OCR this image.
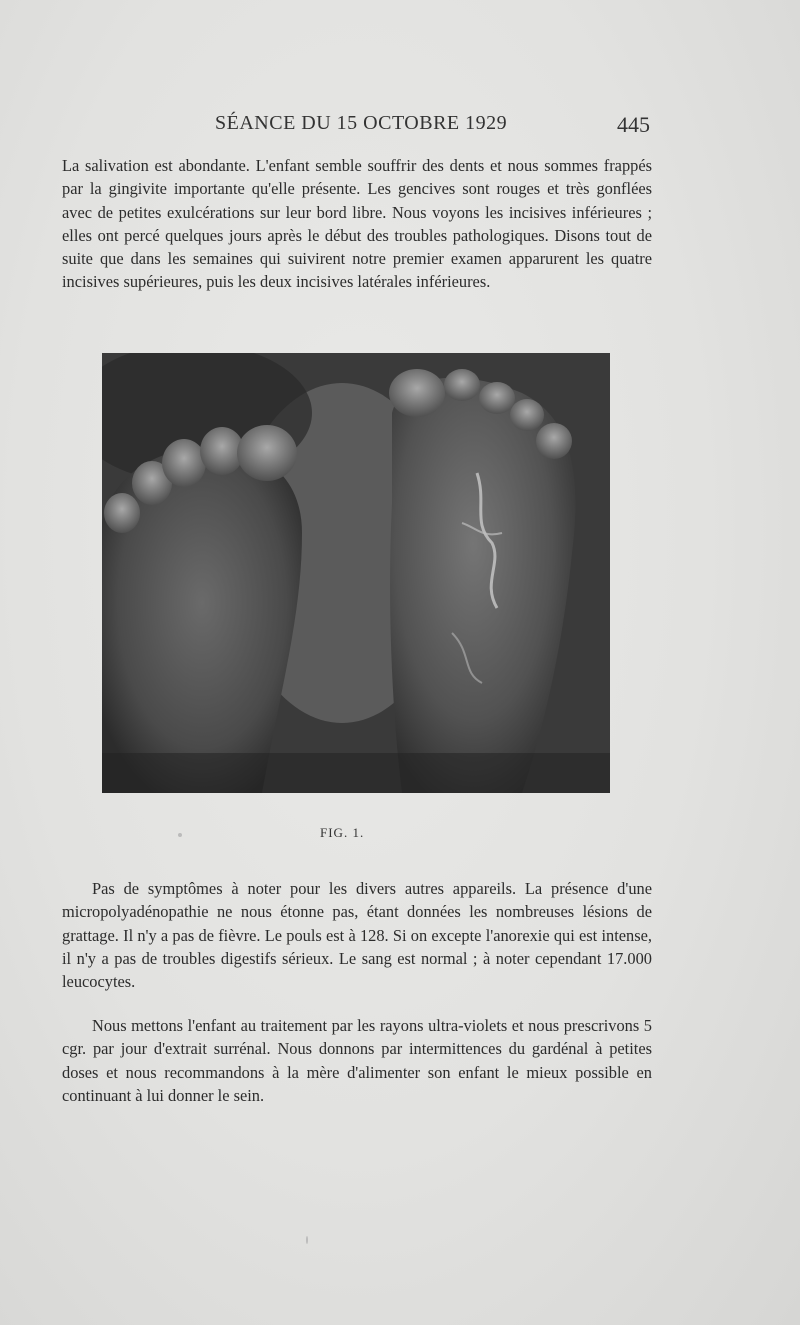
SÉANCE DU 15 OCTOBRE 1929	445

La salivation est abondante. L'enfant semble souffrir des dents et nous sommes frappés par la gingivite importante qu'elle présente. Les gencives sont rouges et très gonflées avec de petites exulcérations sur leur bord libre. Nous voyons les incisives inférieures ; elles ont percé quelques jours après le début des troubles pathologiques. Disons tout de suite que dans les semaines qui suivirent notre premier examen apparurent les quatre incisives supérieures, puis les deux incisives latérales inférieures.

FIG. 1.

Pas de symptômes à noter pour les divers autres appareils. La présence d'une micropolyadénopathie ne nous étonne pas, étant données les nombreuses lésions de grattage. Il n'y a pas de fièvre. Le pouls est à 128. Si on excepte l'anorexie qui est intense, il n'y a pas de troubles digestifs sérieux. Le sang est normal ; à noter cependant 17.000 leucocytes.

Nous mettons l'enfant au traitement par les rayons ultra-violets et nous prescrivons 5 cgr. par jour d'extrait surrénal. Nous donnons par intermittences du gardénal à petites doses et nous recommandons à la mère d'alimenter son enfant le mieux possible en continuant à lui donner le sein.
